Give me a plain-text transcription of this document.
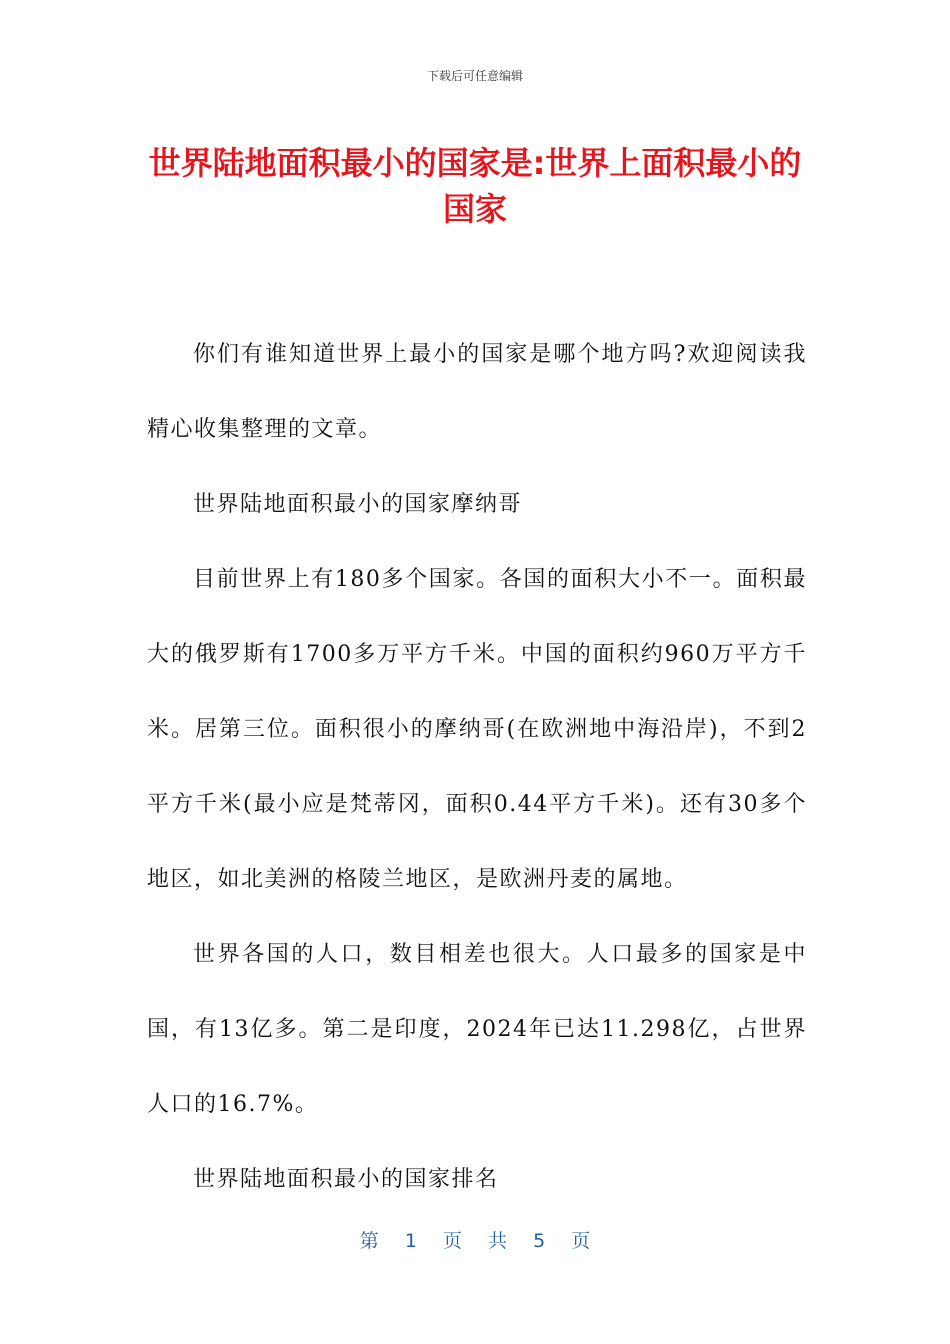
下载后可任意编辑
世界陆地面积最小的国家是:世界上面积最小的国家

你们有谁知道世界上最小的国家是哪个地方吗?欢迎阅读我精心收集整理的文章。

世界陆地面积最小的国家摩纳哥

目前世界上有180多个国家。各国的面积大小不一。面积最大的俄罗斯有1700多万平方千米。中国的面积约960万平方千米。居第三位。面积很小的摩纳哥(在欧洲地中海沿岸)，不到2平方千米(最小应是梵蒂冈，面积0.44平方千米)。还有30多个地区，如北美洲的格陵兰地区，是欧洲丹麦的属地。

世界各国的人口，数目相差也很大。人口最多的国家是中国，有13亿多。第二是印度，2024年已达11.298亿，占世界人口的16.7%。

世界陆地面积最小的国家排名

第 1 页 共 5 页
